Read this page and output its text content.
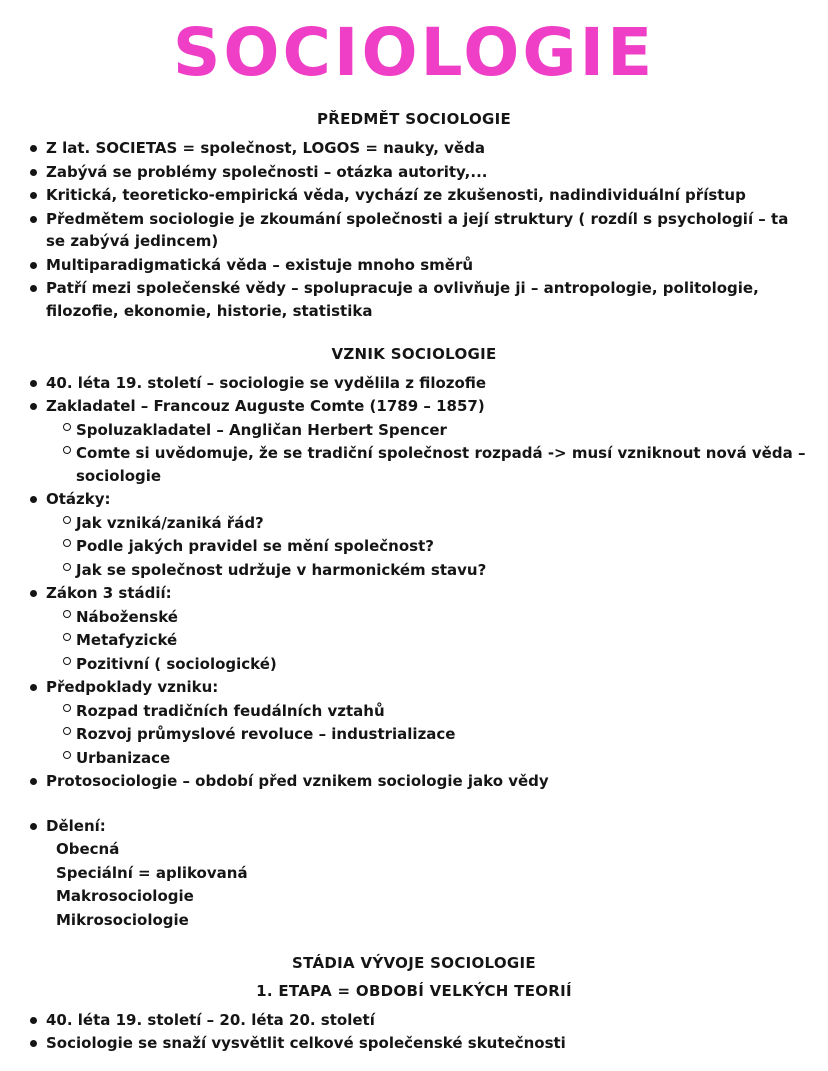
SOCIOLOGIE
PŘEDMĚT SOCIOLOGIE
Z lat. SOCIETAS = společnost, LOGOS = nauky, věda
Zabývá se problémy společnosti – otázka autority,...
Kritická, teoreticko-empirická věda, vychází ze zkušenosti, nadindividuální přístup
Předmětem sociologie je zkoumání společnosti a její struktury ( rozdíl s psychologií – ta se zabývá jedincem)
Multiparadigmatická věda – existuje mnoho směrů
Patří mezi společenské vědy – spolupracuje a ovlivňuje ji – antropologie, politologie, filozofie, ekonomie, historie, statistika
VZNIK SOCIOLOGIE
40. léta 19. století – sociologie se vydělila z filozofie
Zakladatel – Francouz Auguste Comte (1789 – 1857)
Spoluzakladatel – Angličan Herbert Spencer
Comte si uvědomuje, že se tradiční společnost rozpadá -> musí vzniknout nová věda – sociologie
Otázky:
Jak vzniká/zaniká řád?
Podle jakých pravidel se mění společnost?
Jak se společnost udržuje v harmonickém stavu?
Zákon 3 stádií:
Náboženské
Metafyzické
Pozitivní ( sociologické)
Předpoklady vzniku:
Rozpad tradičních feudálních vztahů
Rozvoj průmyslové revoluce – industrializace
Urbanizace
Protosociologie – období před vznikem sociologie jako vědy
Dělení:
Obecná
Speciální = aplikovaná
Makrosociologie
Mikrosociologie
STÁDIA VÝVOJE SOCIOLOGIE
1. ETAPA = OBDOBÍ VELKÝCH TEORIÍ
40. léta 19. století – 20. léta 20. století
Sociologie se snaží vysvětlit celkové společenské skutečnosti
